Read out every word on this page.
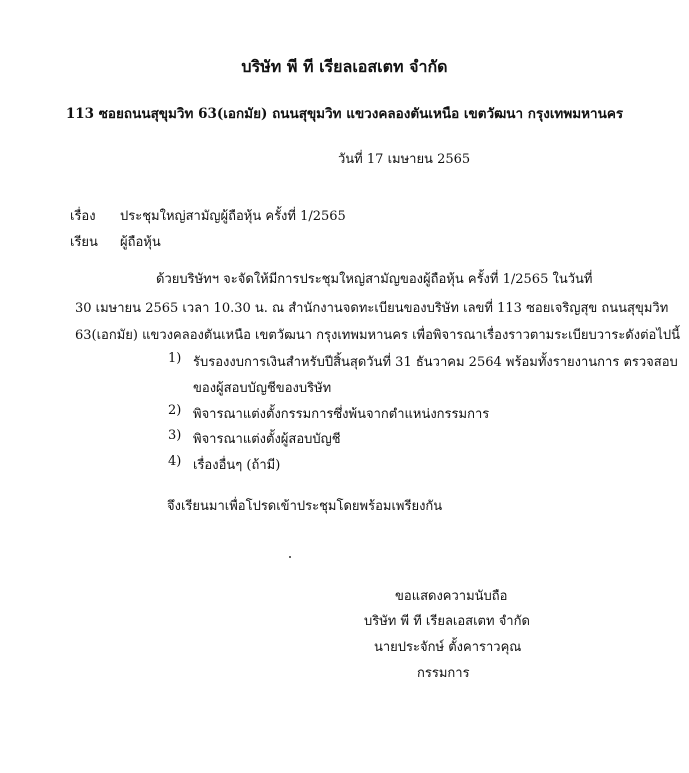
บริษัท พี ที เรียลเอสเตท จำกัด
113 ซอยถนนสุขุมวิท 63(เอกมัย) ถนนสุขุมวิท แขวงคลองตันเหนือ เขตวัฒนา กรุงเทพมหานคร
วันที่ 17 เมษายน 2565
เรื่อง ประชุมใหญ่สามัญผู้ถือหุ้น ครั้งที่ 1/2565
เรียน ผู้ถือหุ้น
ด้วยบริษัทฯ จะจัดให้มีการประชุมใหญ่สามัญของผู้ถือหุ้น ครั้งที่ 1/2565 ในวันที่
30 เมษายน 2565 เวลา 10.30 น. ณ สำนักงานจดทะเบียนของบริษัท เลขที่ 113 ซอยเจริญสุข ถนนสุขุมวิท
63(เอกมัย) แขวงคลองตันเหนือ เขตวัฒนา กรุงเทพมหานคร เพื่อพิจารณาเรื่องราวตามระเบียบวาระดังต่อไปนี้
1) รับรองงบการเงินสำหรับปีสิ้นสุดวันที่ 31 ธันวาคม 2564 พร้อมทั้งรายงานการ ตรวจสอบ
ของผู้สอบบัญชีของบริษัท
2) พิจารณาแต่งตั้งกรรมการซึ่งพ้นจากตำแหน่งกรรมการ
3) พิจารณาแต่งตั้งผู้สอบบัญชี
4) เรื่องอื่นๆ (ถ้ามี)
จึงเรียนมาเพื่อโปรดเข้าประชุมโดยพร้อมเพรียงกัน
ขอแสดงความนับถือ
บริษัท พี ที เรียลเอสเตท จำกัด
นายประจักษ์ ตั้งคาราวคุณ
กรรมการ
